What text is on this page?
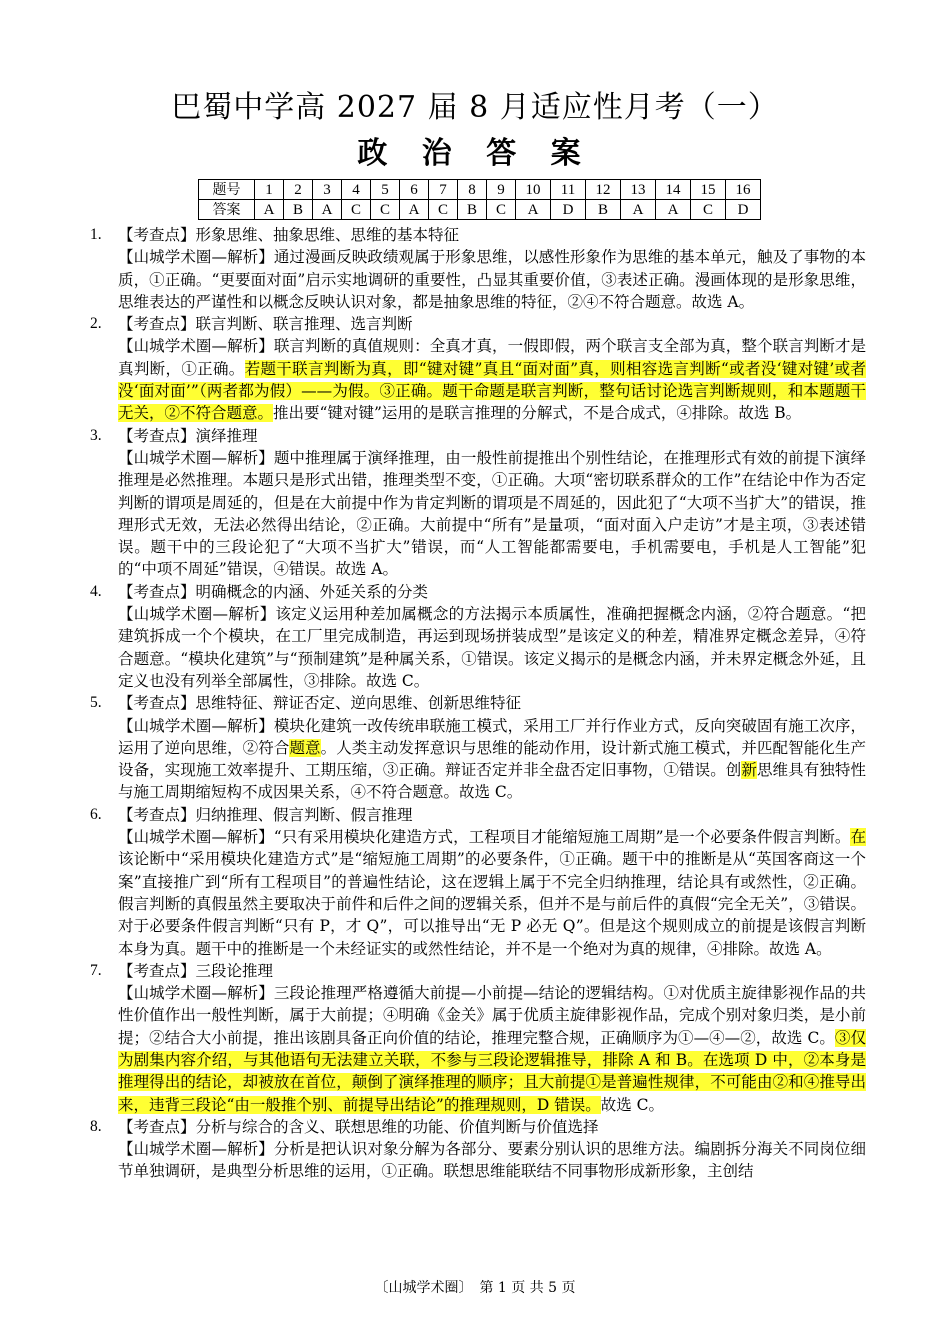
巴蜀中学高 2027 届 8 月适应性月考（一）
政 治 答 案
题号	1	2	3	4	5	6	7	8	9	10	11	12	13	14	15	16
答案	A	B	A	C	C	A	C	B	C	A	D	B	A	A	C	D
1.	【考查点】形象思维、抽象思维、思维的基本特征
【山城学术圈—解析】通过漫画反映政绩观属于形象思维，以感性形象作为思维的基本单元，触及了事物的本质，①正确。“更要面对面”启示实地调研的重要性，凸显其重要价值，③表述正确。漫画体现的是形象思维，思维表达的严谨性和以概念反映认识对象，都是抽象思维的特征，②④不符合题意。故选 A。
2.	【考查点】联言判断、联言推理、选言判断
【山城学术圈—解析】联言判断的真值规则：全真才真，一假即假，两个联言支全部为真，整个联言判断才是真判断，①正确。若题干联言判断为真，即“键对键”真且“面对面”真，则相容选言判断“或者没‘键对键’或者没‘面对面’”（两者都为假）——为假。③正确。题干命题是联言判断，整句话讨论选言判断规则，和本题题干无关，②不符合题意。推出要“键对键”运用的是联言推理的分解式，不是合成式，④排除。故选 B。
3.	【考查点】演绎推理
【山城学术圈—解析】题中推理属于演绎推理，由一般性前提推出个别性结论，在推理形式有效的前提下演绎推理是必然推理。本题只是形式出错，推理类型不变，①正确。大项“密切联系群众的工作”在结论中作为否定判断的谓项是周延的，但是在大前提中作为肯定判断的谓项是不周延的，因此犯了“大项不当扩大”的错误，推理形式无效，无法必然得出结论，②正确。大前提中“所有”是量项，“面对面入户走访”才是主项，③表述错误。题干中的三段论犯了“大项不当扩大”错误，而“人工智能都需要电，手机需要电，手机是人工智能”犯的“中项不周延”错误，④错误。故选 A。
4.	【考查点】明确概念的内涵、外延关系的分类
【山城学术圈—解析】该定义运用种差加属概念的方法揭示本质属性，准确把握概念内涵，②符合题意。“把建筑拆成一个个模块，在工厂里完成制造，再运到现场拼装成型”是该定义的种差，精准界定概念差异，④符合题意。“模块化建筑”与“预制建筑”是种属关系，①错误。该定义揭示的是概念内涵，并未界定概念外延，且定义也没有列举全部属性，③排除。故选 C。
5.	【考查点】思维特征、辩证否定、逆向思维、创新思维特征
【山城学术圈—解析】模块化建筑一改传统串联施工模式，采用工厂并行作业方式，反向突破固有施工次序，运用了逆向思维，②符合题意。人类主动发挥意识与思维的能动作用，设计新式施工模式，并匹配智能化生产设备，实现施工效率提升、工期压缩，③正确。辩证否定并非全盘否定旧事物，①错误。创新思维具有独特性与施工周期缩短构不成因果关系，④不符合题意。故选 C。
6.	【考查点】归纳推理、假言判断、假言推理
【山城学术圈—解析】“只有采用模块化建造方式，工程项目才能缩短施工周期”是一个必要条件假言判断。在该论断中“采用模块化建造方式”是“缩短施工周期”的必要条件，①正确。题干中的推断是从“英国客商这一个案”直接推广到“所有工程项目”的普遍性结论，这在逻辑上属于不完全归纳推理，结论具有或然性，②正确。假言判断的真假虽然主要取决于前件和后件之间的逻辑关系，但并不是与前后件的真假“完全无关”，③错误。对于必要条件假言判断“只有 P，才 Q”，可以推导出“无 P 必无 Q”。但是这个规则成立的前提是该假言判断本身为真。题干中的推断是一个未经证实的或然性结论，并不是一个绝对为真的规律，④排除。故选 A。
7.	【考查点】三段论推理
【山城学术圈—解析】三段论推理严格遵循大前提—小前提—结论的逻辑结构。①对优质主旋律影视作品的共性价值作出一般性判断，属于大前提；④明确《金关》属于优质主旋律影视作品，完成个别对象归类，是小前提；②结合大小前提，推出该剧具备正向价值的结论，推理完整合规，正确顺序为①—④—②，故选 C。③仅为剧集内容介绍，与其他语句无法建立关联，不参与三段论逻辑推导，排除 A 和 B。在选项 D 中，②本身是推理得出的结论，却被放在首位，颠倒了演绎推理的顺序；且大前提①是普遍性规律，不可能由②和④推导出来，违背三段论“由一般推个别、前提导出结论”的推理规则，D 错误。故选 C。
8.	【考查点】分析与综合的含义、联想思维的功能、价值判断与价值选择
【山城学术圈—解析】分析是把认识对象分解为各部分、要素分别认识的思维方法。编剧拆分海关不同岗位细节单独调研，是典型分析思维的运用，①正确。联想思维能联结不同事物形成新形象，主创结
〔山城学术圈〕　第 1 页 共 5 页
